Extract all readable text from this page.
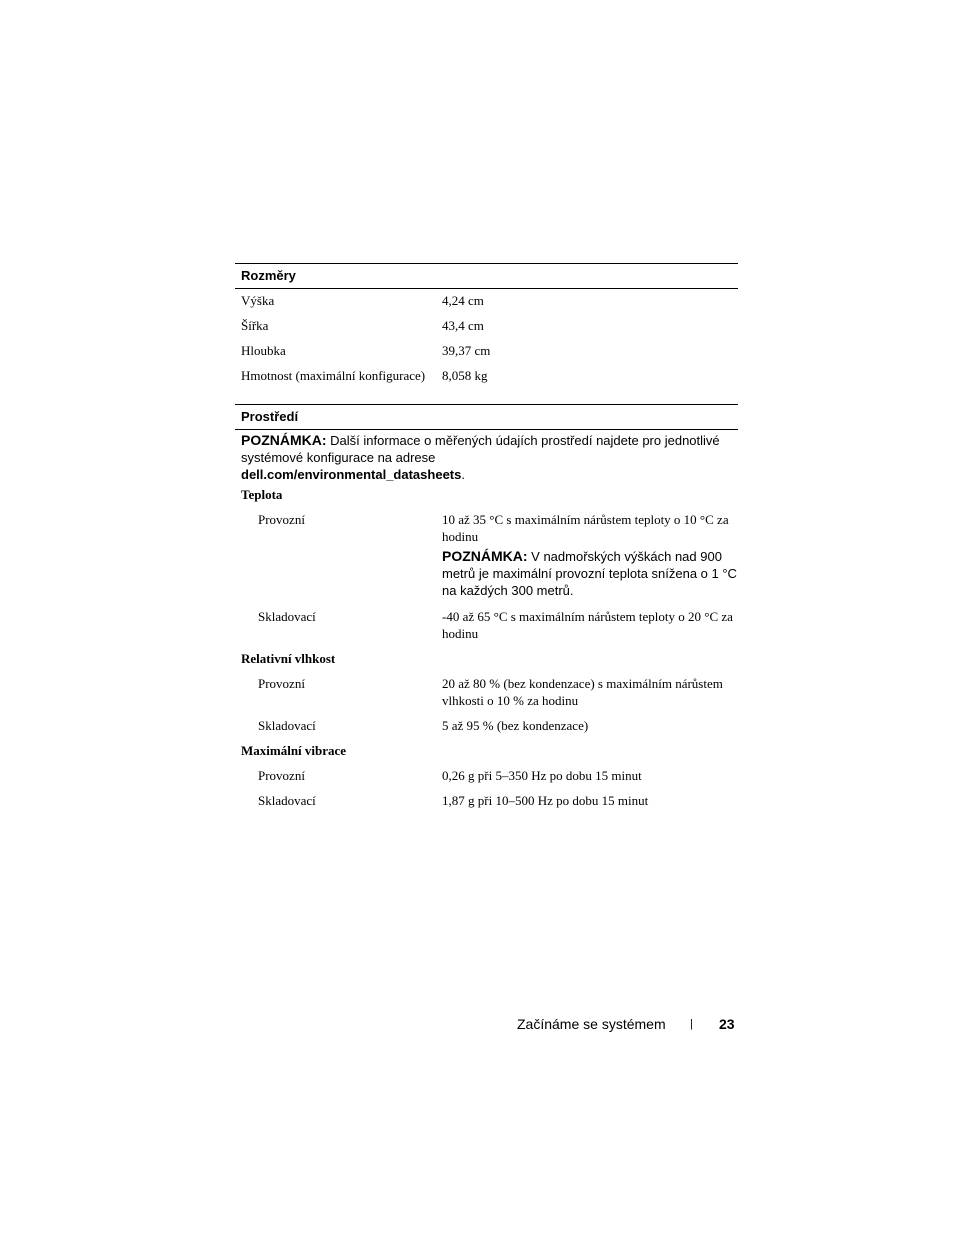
Rozměry
Výška	4,24 cm
Šířka	43,4 cm
Hloubka	39,37 cm
Hmotnost (maximální konfigurace) 8,058 kg
Prostředí
POZNÁMKA: Další informace o měřených údajích prostředí najdete pro jednotlivé systémové konfigurace na adrese
dell.com/environmental_datasheets.
Teplota
Provozní	10 až 35 °C s maximálním nárůstem teploty o 10 °C za hodinu
POZNÁMKA: V nadmořských výškách nad 900 metrů je maximální provozní teplota snížena o 1 °C na každých 300 metrů.
Skladovací	-40 až 65 °C s maximálním nárůstem teploty o 20 °C za hodinu
Relativní vlhkost
Provozní	20 až 80 % (bez kondenzace) s maximálním nárůstem vlhkosti o 10 % za hodinu
Skladovací	5 až 95 % (bez kondenzace)
Maximální vibrace
Provozní	0,26 g při 5–350 Hz po dobu 15 minut
Skladovací	1,87 g při 10–500 Hz po dobu 15 minut
Začínáme se systémem | 23
